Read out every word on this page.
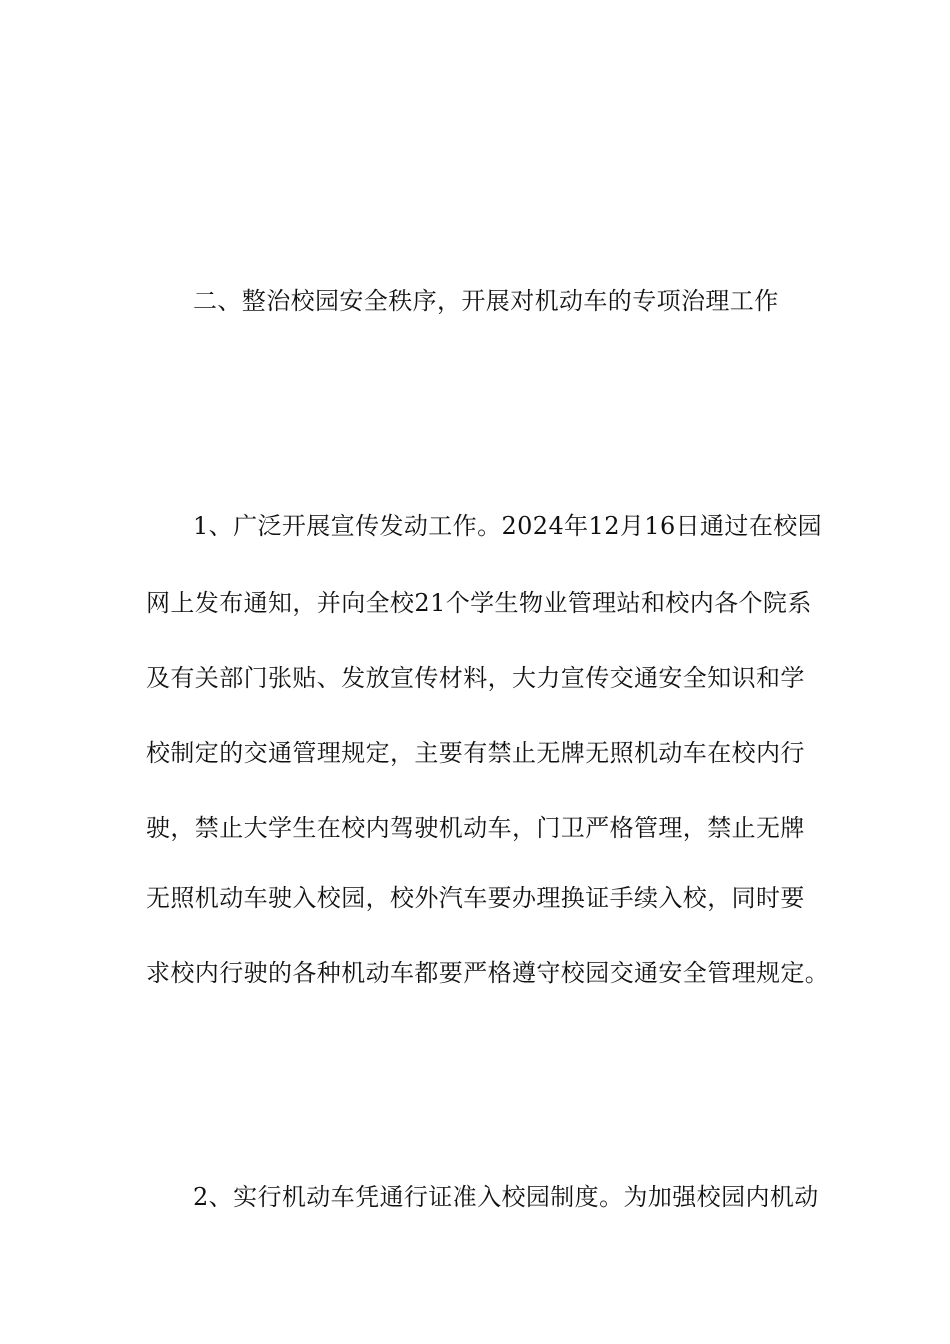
二、整治校园安全秩序，开展对机动车的专项治理工作
1、广泛开展宣传发动工作。2024年12月16日通过在校园
网上发布通知，并向全校21个学生物业管理站和校内各个院系
及有关部门张贴、发放宣传材料，大力宣传交通安全知识和学
校制定的交通管理规定，主要有禁止无牌无照机动车在校内行
驶，禁止大学生在校内驾驶机动车，门卫严格管理，禁止无牌
无照机动车驶入校园，校外汽车要办理换证手续入校，同时要
求校内行驶的各种机动车都要严格遵守校园交通安全管理规定。
2、实行机动车凭通行证准入校园制度。为加强校园内机动
